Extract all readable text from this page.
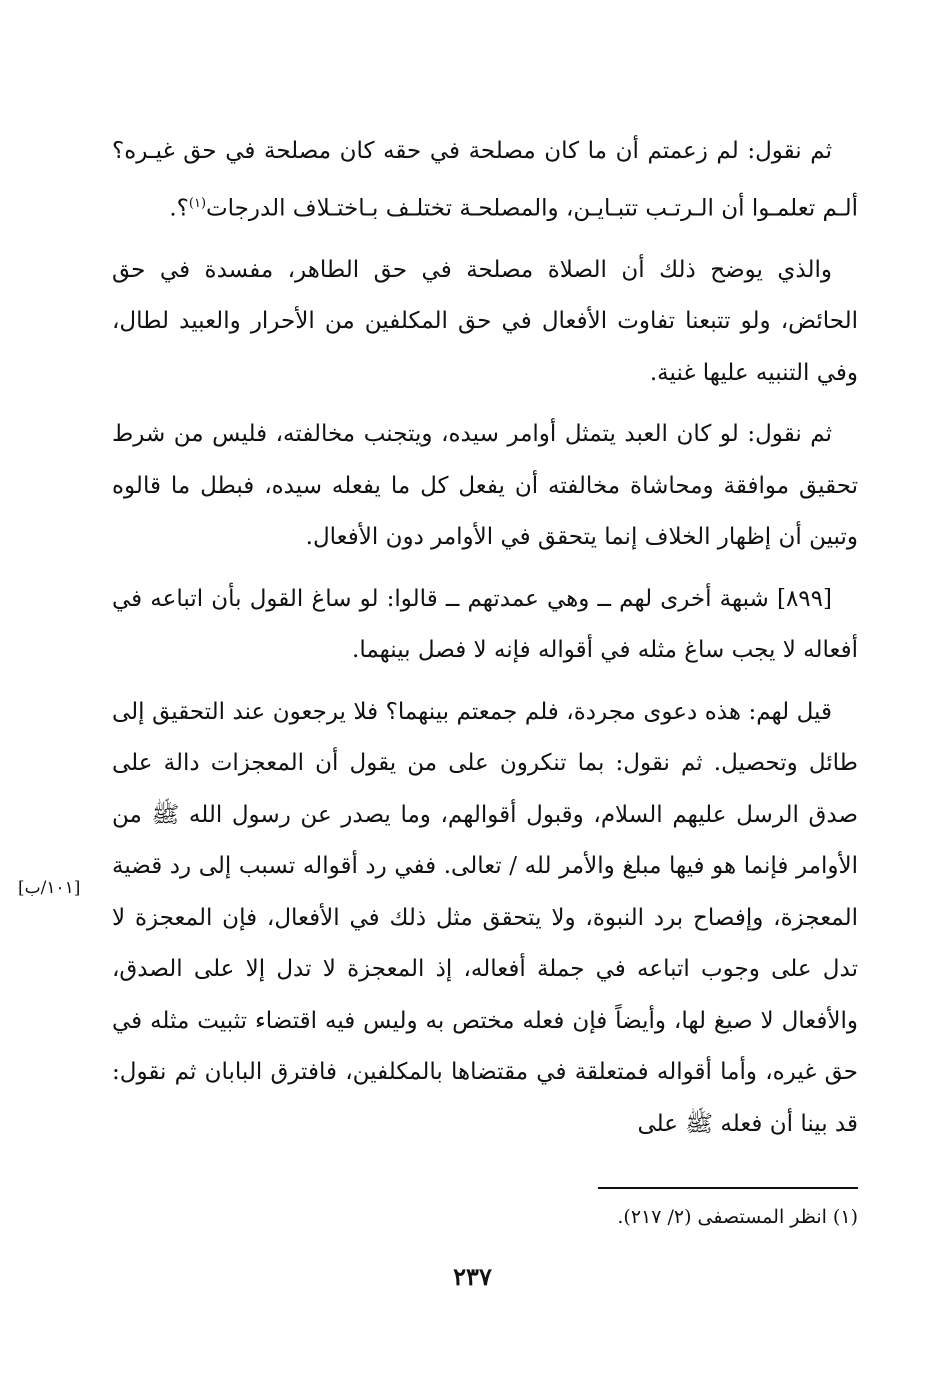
ثم نقول: لم زعمتم أن ما كان مصلحة في حقه كان مصلحة في حق غيـره؟ ألـم تعلمـوا أن الـرتـب تتبـايـن، والمصلحـة تختلـف بـاختـلاف الدرجات$^{(١)}$؟.

والذي يوضح ذلك أن الصلاة مصلحة في حق الطاهر، مفسدة في حق الحائض، ولو تتبعنا تفاوت الأفعال في حق المكلفين من الأحرار والعبيد لطال، وفي التنبيه عليها غنية.

ثم نقول: لو كان العبد يتمثل أوامر سيده، ويتجنب مخالفته، فليس من شرط تحقيق موافقة ومحاشاة مخالفته أن يفعل كل ما يفعله سيده، فبطل ما قالوه وتبين أن إظهار الخلاف إنما يتحقق في الأوامر دون الأفعال.

[٨٩٩] شبهة أخرى لهم ــ وهي عمدتهم ــ قالوا: لو ساغ القول بأن اتباعه في أفعاله لا يجب ساغ مثله في أقواله فإنه لا فصل بينهما.

قيل لهم: هذه دعوى مجردة، فلم جمعتم بينهما؟ فلا يرجعون عند التحقيق إلى طائل وتحصيل. ثم نقول: بما تنكرون على من يقول أن المعجزات دالة على صدق الرسل عليهم السلام، وقبول أقوالهم، وما يصدر عن رسول الله ﷺ من الأوامر فإنما هو فيها مبلغ والأمر لله / تعالى. ففي رد أقواله تسبب إلى رد قضية المعجزة، وإفصاح برد النبوة، ولا يتحقق مثل ذلك في الأفعال، فإن المعجزة لا تدل على وجوب اتباعه في جملة أفعاله، إذ المعجزة لا تدل إلا على الصدق، والأفعال لا صيغ لها، وأيضاً فإن فعله مختص به وليس فيه اقتضاء تثبيت مثله في حق غيره، وأما أقواله فمتعلقة في مقتضاها بالمكلفين، فافترق البابان ثم نقول: قد بينا أن فعله ﷺ على

[١٠١/ب]
(١) انظر المستصفى (٢/ ٢١٧).
٢٣٧
